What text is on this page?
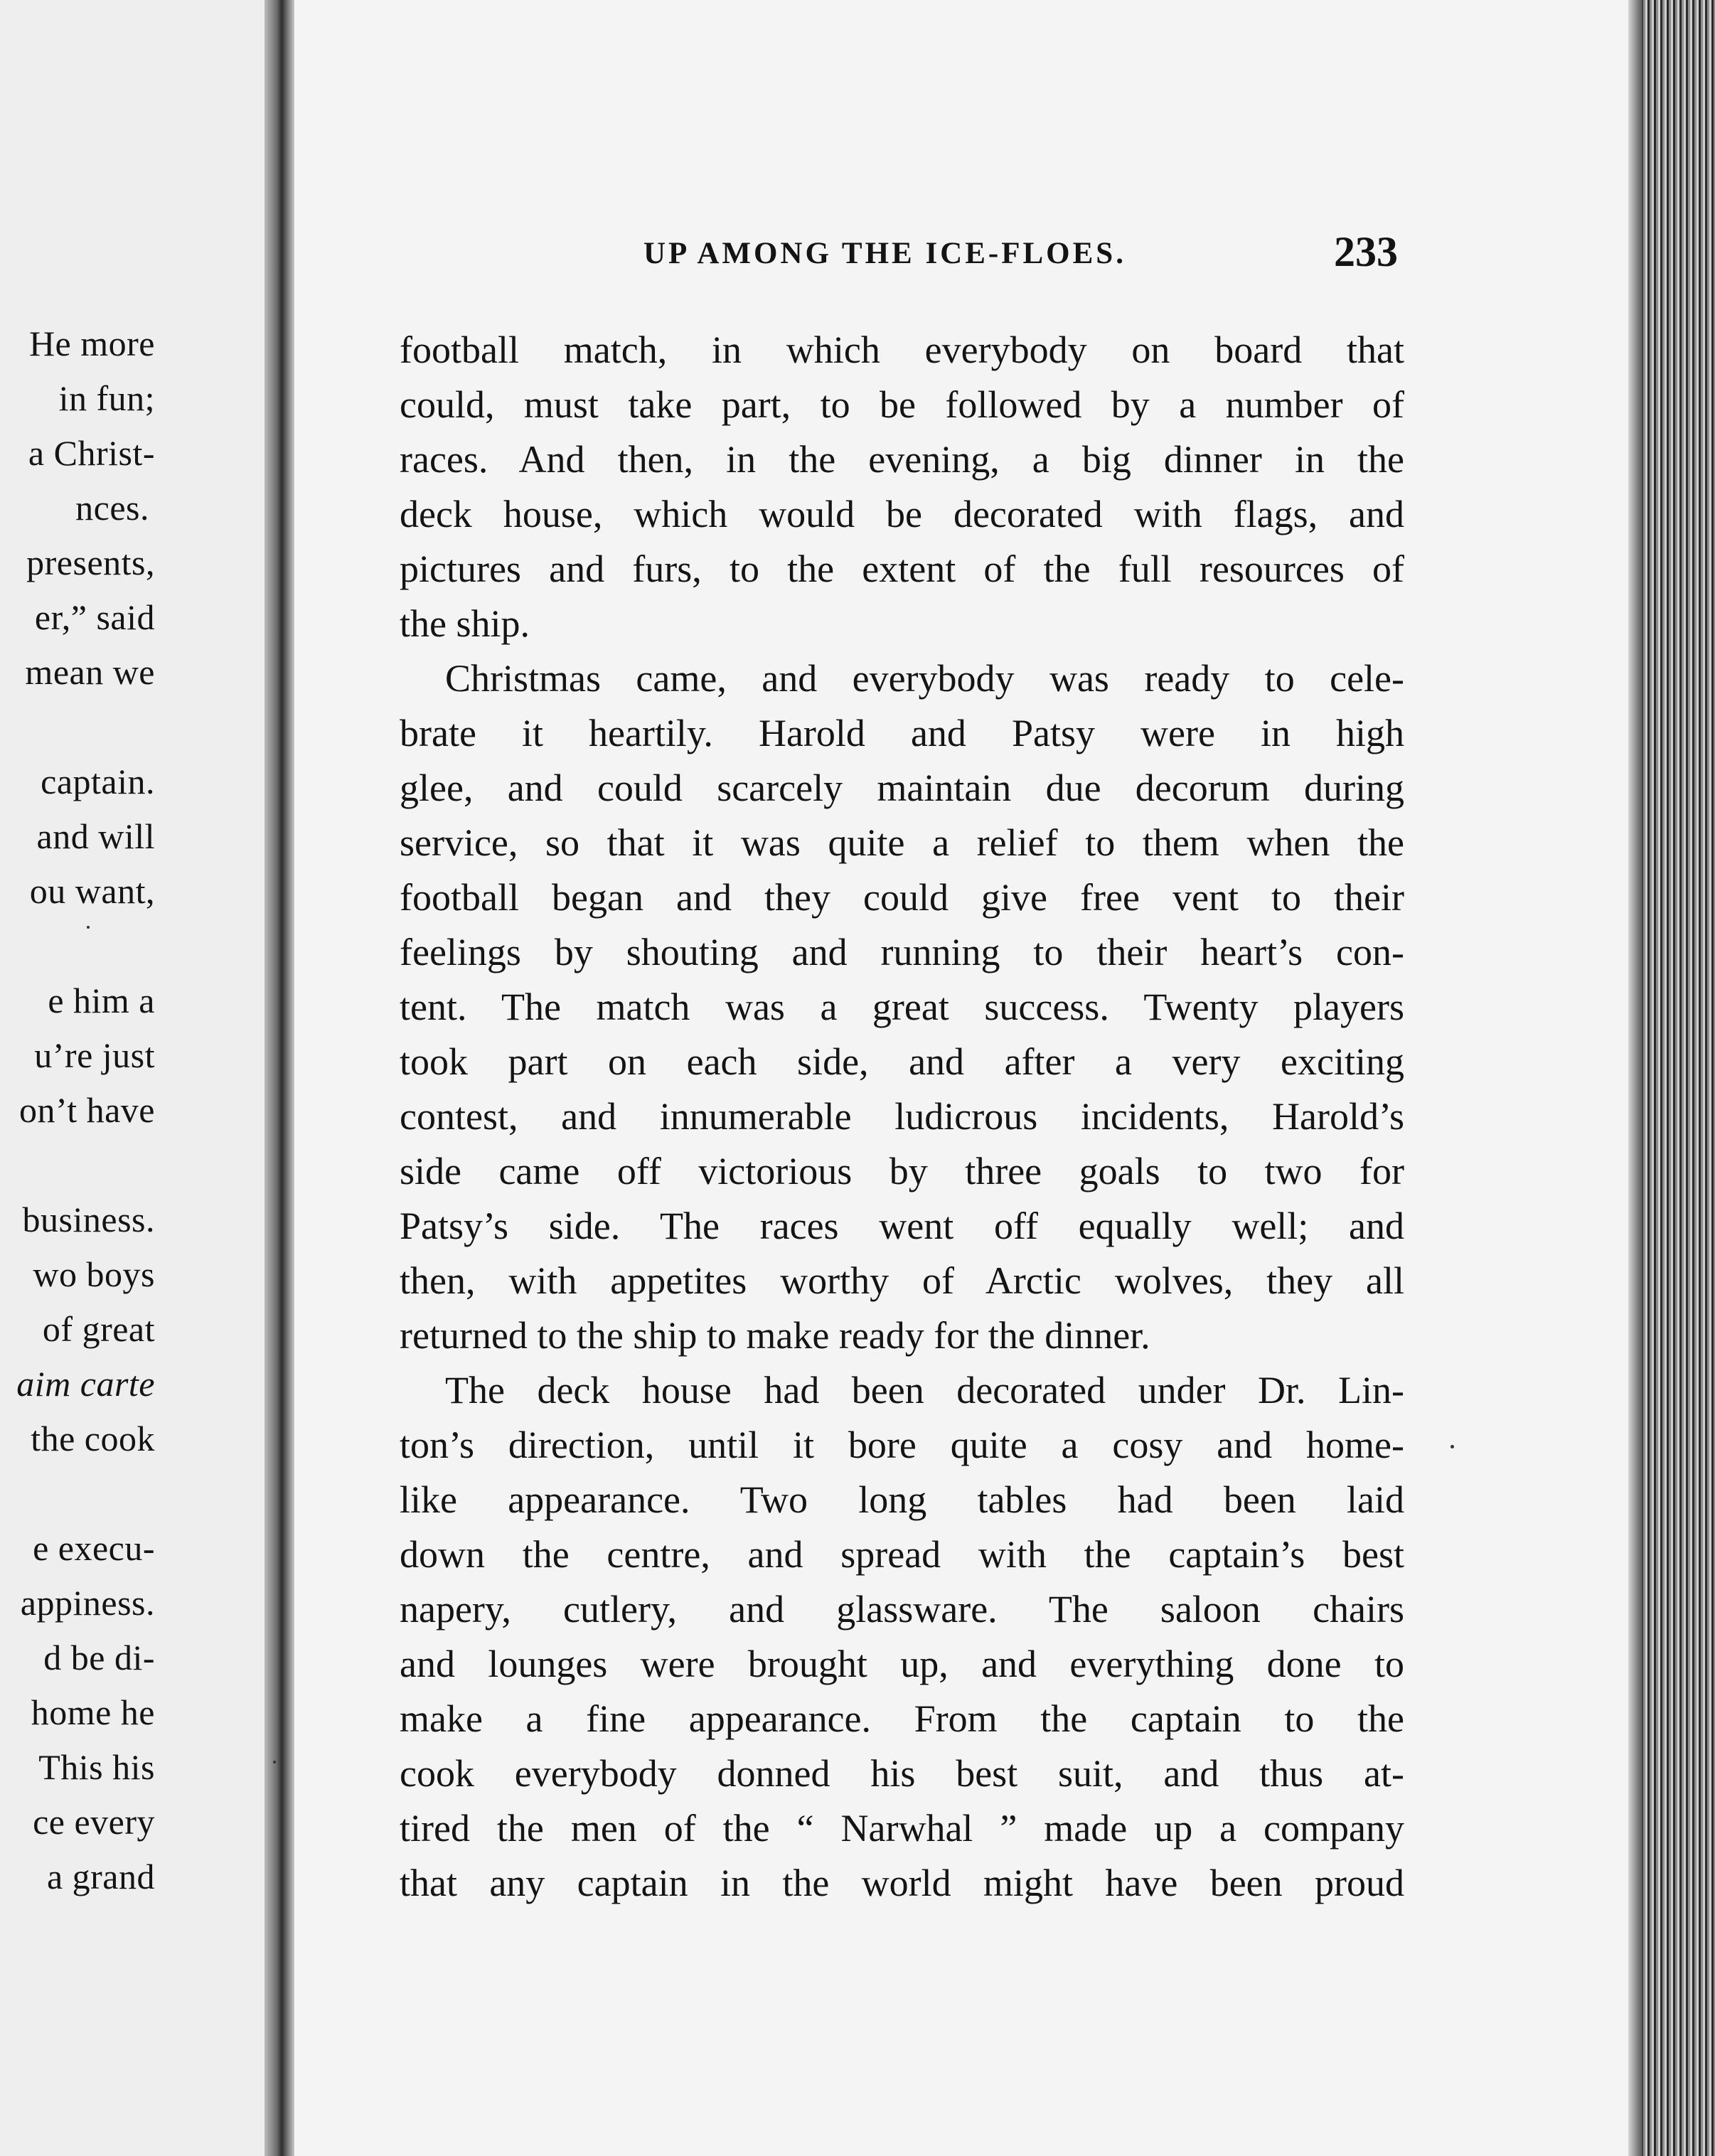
He more
in fun;
a Christ-
nces.
presents,
er,” said
mean we
captain.
and will
ou want,
e him a
u’re just
on’t have
business.
wo boys
of great
aim carte
the cook
e execu-
appiness.
d be di-
home he
This his
ce every
a grand
UP AMONG THE ICE-FLOES.	233
football match, in which everybody on board that
could, must take part, to be followed by a number of
races. And then, in the evening, a big dinner in the
deck house, which would be decorated with flags, and
pictures and furs, to the extent of the full resources of
the ship.
Christmas came, and everybody was ready to cele-
brate it heartily. Harold and Patsy were in high
glee, and could scarcely maintain due decorum during
service, so that it was quite a relief to them when the
football began and they could give free vent to their
feelings by shouting and running to their heart’s con-
tent. The match was a great success. Twenty players
took part on each side, and after a very exciting
contest, and innumerable ludicrous incidents, Harold’s
side came off victorious by three goals to two for
Patsy’s side. The races went off equally well; and
then, with appetites worthy of Arctic wolves, they all
returned to the ship to make ready for the dinner.
The deck house had been decorated under Dr. Lin-
ton’s direction, until it bore quite a cosy and home-
like appearance. Two long tables had been laid
down the centre, and spread with the captain’s best
napery, cutlery, and glassware. The saloon chairs
and lounges were brought up, and everything done to
make a fine appearance. From the captain to the
cook everybody donned his best suit, and thus at-
tired the men of the “ Narwhal ” made up a company
that any captain in the world might have been proud
